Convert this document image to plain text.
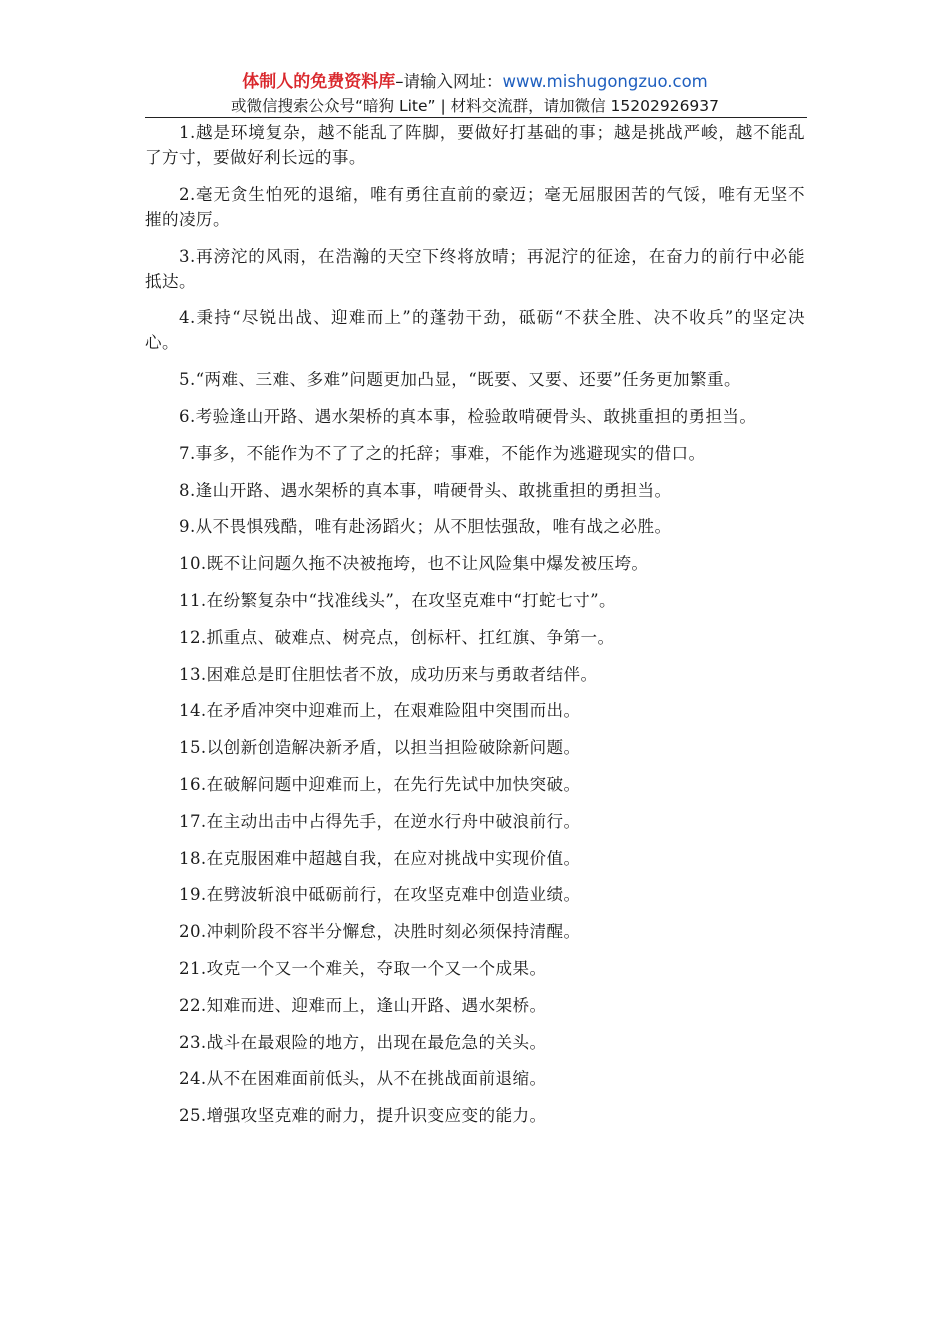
体制人的免费资料库–请输入网址：www.mishugongzuo.com
或微信搜索公众号“暗狗 Lite” | 材料交流群，请加微信 15202926937

1.越是环境复杂，越不能乱了阵脚，要做好打基础的事；越是挑战严峻，越不能乱了方寸，要做好利长远的事。

2.毫无贪生怕死的退缩，唯有勇往直前的豪迈；毫无屈服困苦的气馁，唯有无坚不摧的凌厉。

3.再滂沱的风雨，在浩瀚的天空下终将放晴；再泥泞的征途，在奋力的前行中必能抵达。

4.秉持“尽锐出战、迎难而上”的蓬勃干劲，砥砺“不获全胜、决不收兵”的坚定决心。

5.“两难、三难、多难”问题更加凸显，“既要、又要、还要”任务更加繁重。

6.考验逢山开路、遇水架桥的真本事，检验敢啃硬骨头、敢挑重担的勇担当。

7.事多，不能作为不了了之的托辞；事难，不能作为逃避现实的借口。

8.逢山开路、遇水架桥的真本事，啃硬骨头、敢挑重担的勇担当。

9.从不畏惧残酷，唯有赴汤蹈火；从不胆怯强敌，唯有战之必胜。

10.既不让问题久拖不决被拖垮，也不让风险集中爆发被压垮。

11.在纷繁复杂中“找准线头”，在攻坚克难中“打蛇七寸”。

12.抓重点、破难点、树亮点，创标杆、扛红旗、争第一。

13.困难总是盯住胆怯者不放，成功历来与勇敢者结伴。

14.在矛盾冲突中迎难而上，在艰难险阻中突围而出。

15.以创新创造解决新矛盾，以担当担险破除新问题。

16.在破解问题中迎难而上，在先行先试中加快突破。

17.在主动出击中占得先手，在逆水行舟中破浪前行。

18.在克服困难中超越自我，在应对挑战中实现价值。

19.在劈波斩浪中砥砺前行，在攻坚克难中创造业绩。

20.冲刺阶段不容半分懈怠，决胜时刻必须保持清醒。

21.攻克一个又一个难关，夺取一个又一个成果。

22.知难而进、迎难而上，逢山开路、遇水架桥。

23.战斗在最艰险的地方，出现在最危急的关头。

24.从不在困难面前低头，从不在挑战面前退缩。

25.增强攻坚克难的耐力，提升识变应变的能力。
